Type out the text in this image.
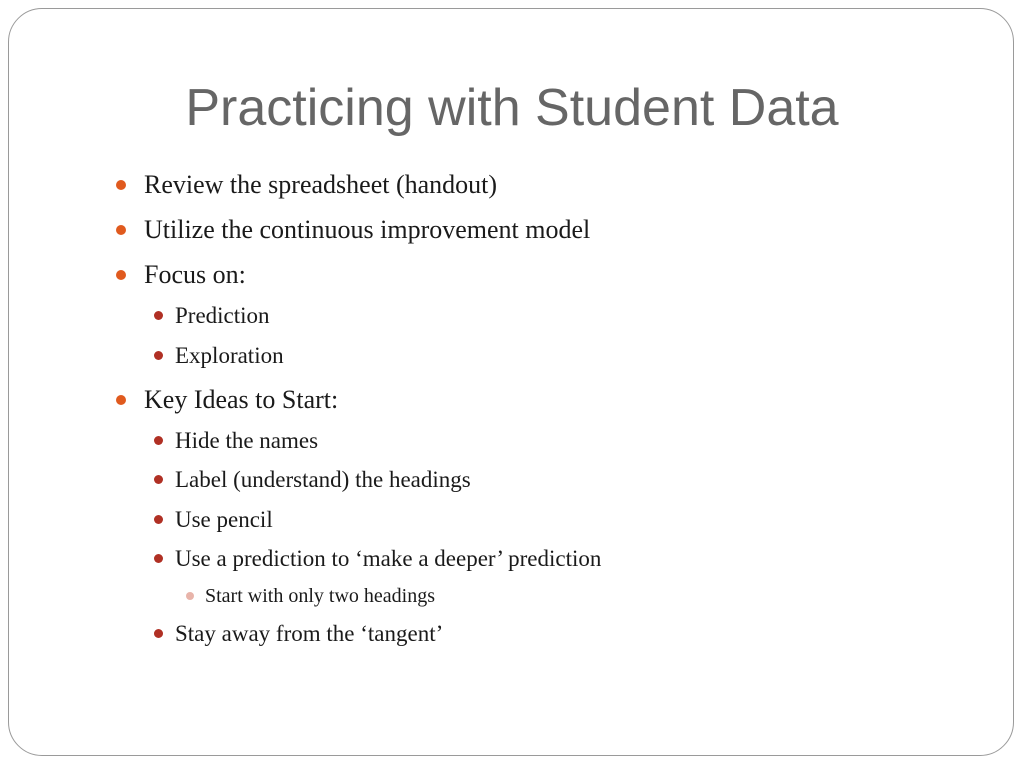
Practicing with Student Data
Review the spreadsheet (handout)
Utilize the continuous improvement model
Focus on:
Prediction
Exploration
Key Ideas to Start:
Hide the names
Label (understand) the headings
Use pencil
Use a prediction to ‘make a deeper’ prediction
Start with only two headings
Stay away from the ‘tangent’
